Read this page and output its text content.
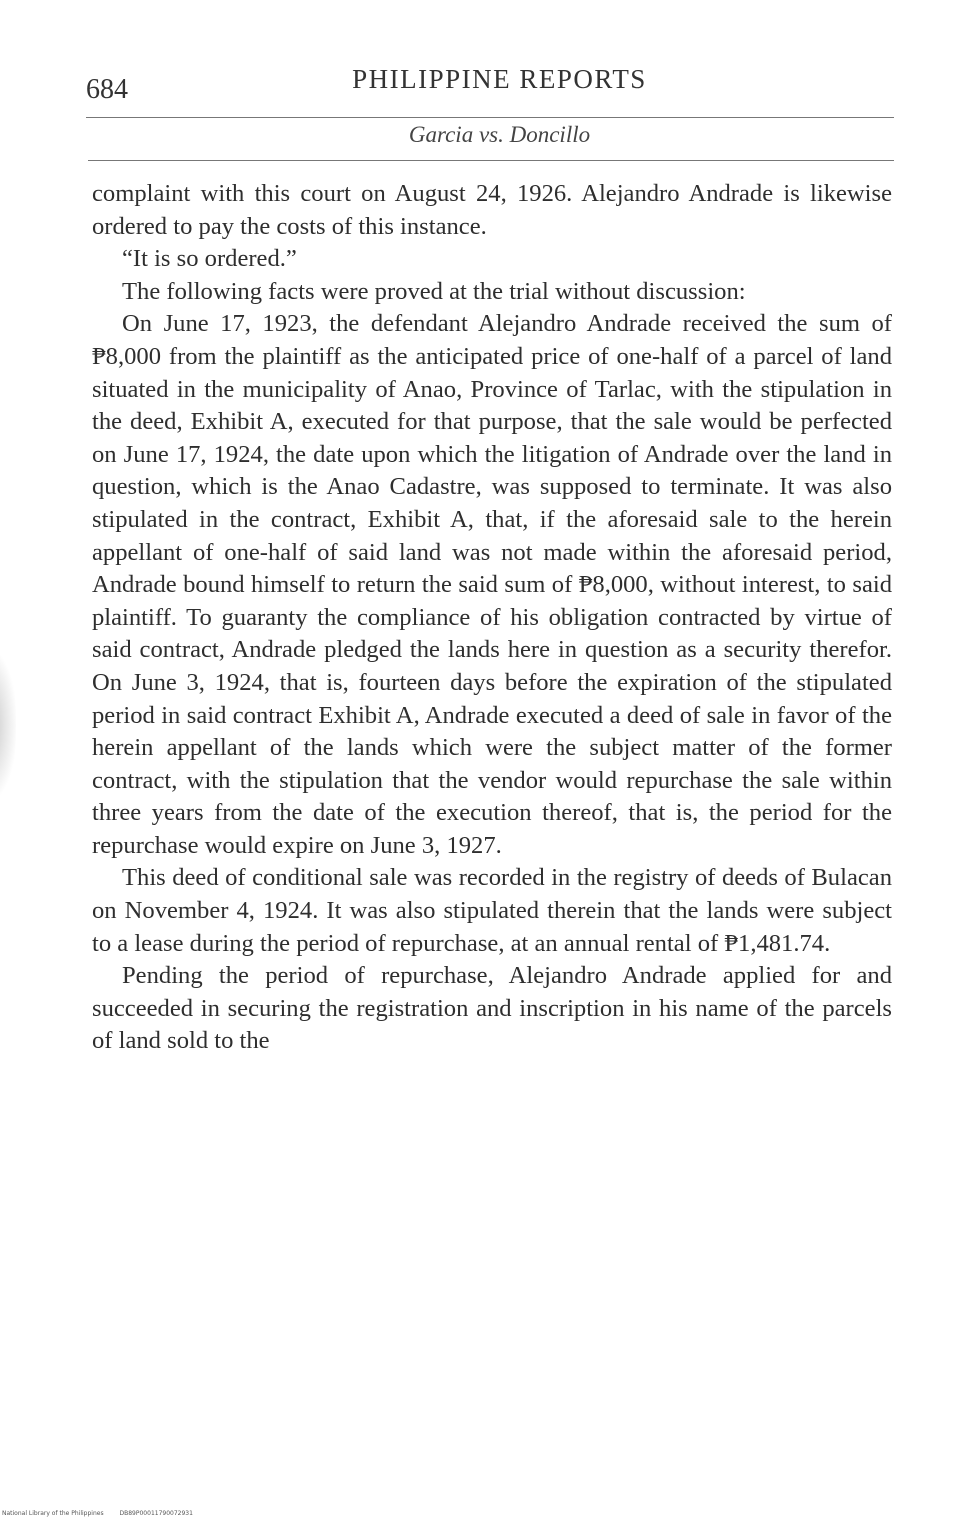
684	PHILIPPINE REPORTS
Garcia vs. Doncillo

complaint with this court on August 24, 1926. Alejandro Andrade is likewise ordered to pay the costs of this instance.

“It is so ordered.”

The following facts were proved at the trial without discussion:

On June 17, 1923, the defendant Alejandro Andrade received the sum of ₱8,000 from the plaintiff as the anticipated price of one-half of a parcel of land situated in the municipality of Anao, Province of Tarlac, with the stipulation in the deed, Exhibit A, executed for that purpose, that the sale would be perfected on June 17, 1924, the date upon which the litigation of Andrade over the land in question, which is the Anao Cadastre, was supposed to terminate. It was also stipulated in the contract, Exhibit A, that, if the aforesaid sale to the herein appellant of one-half of said land was not made within the aforesaid period, Andrade bound himself to return the said sum of ₱8,000, without interest, to said plaintiff. To guaranty the compliance of his obligation contracted by virtue of said contract, Andrade pledged the lands here in question as a security therefor. On June 3, 1924, that is, fourteen days before the expiration of the stipulated period in said contract Exhibit A, Andrade executed a deed of sale in favor of the herein appellant of the lands which were the subject matter of the former contract, with the stipulation that the vendor would repurchase the sale within three years from the date of the execution thereof, that is, the period for the repurchase would expire on June 3, 1927.

This deed of conditional sale was recorded in the registry of deeds of Bulacan on November 4, 1924. It was also stipulated therein that the lands were subject to a lease during the period of repurchase, at an annual rental of ₱1,481.74.

Pending the period of repurchase, Alejandro Andrade applied for and succeeded in securing the registration and inscription in his name of the parcels of land sold to the

National Library of the Philippines	DB89P00011790072931
